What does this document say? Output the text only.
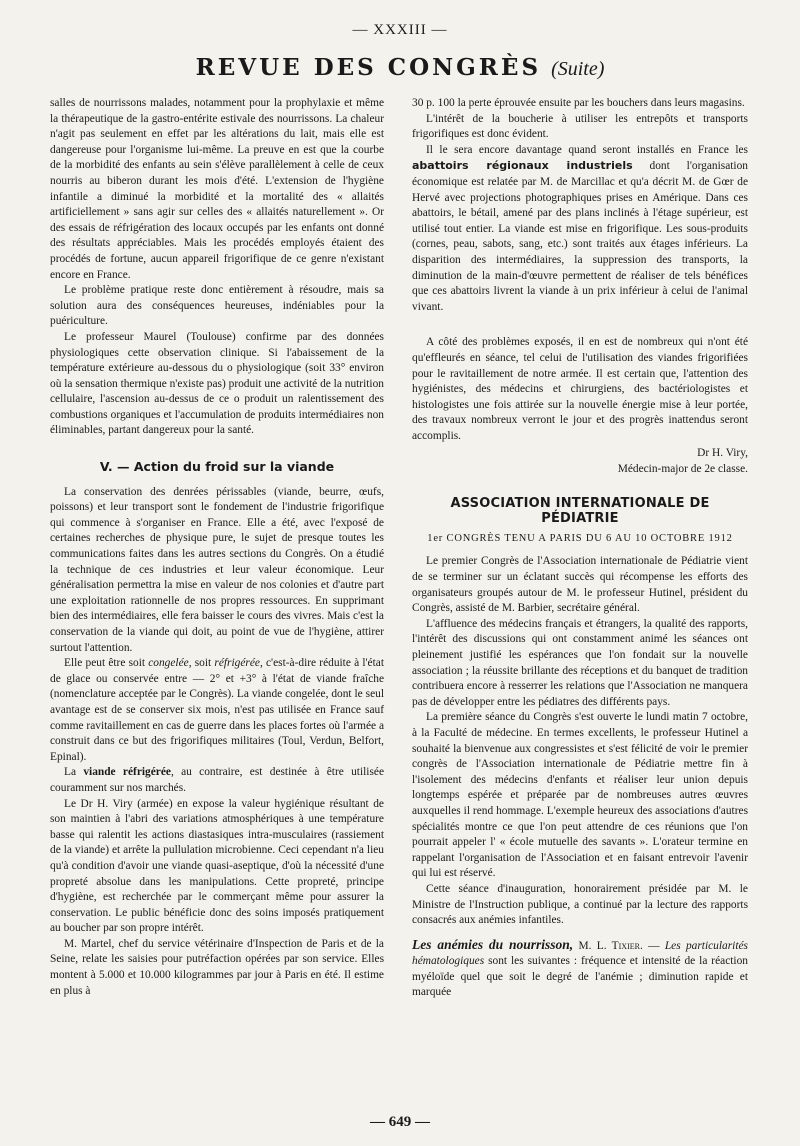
— XXXIII —
REVUE DES CONGRÈS (Suite)

salles de nourrissons malades, notamment pour la prophylaxie et même la thérapeutique de la gastro-entérite estivale des nourrissons. La chaleur n'agit pas seulement en effet par les altérations du lait, mais elle est dangereuse pour l'organisme lui-même. La preuve en est que la courbe de la morbidité des enfants au sein s'élève parallèlement à celle de ceux nourris au biberon durant les mois d'été. L'extension de l'hygiène infantile a diminué la morbidité et la mortalité des « allaités artificiellement » sans agir sur celles des « allaités naturellement ». Or des essais de réfrigération des locaux occupés par les enfants ont donné des résultats appréciables. Mais les procédés employés étaient des procédés de fortune, aucun appareil frigorifique de ce genre n'existant encore en France.

Le problème pratique reste donc entièrement à résoudre, mais sa solution aura des conséquences heureuses, indéniables pour la puériculture.

Le professeur Maurel (Toulouse) confirme par des données physiologiques cette observation clinique. Si l'abaissement de la température extérieure au-dessous du o physiologique (soit 33° environ où la sensation thermique n'existe pas) produit une activité de la nutrition cellulaire, l'ascension au-dessus de ce o produit un ralentissement des combustions organiques et l'accumulation de produits intermédiaires non éliminables, partant dangereux pour la santé.

V. — Action du froid sur la viande

La conservation des denrées périssables (viande, beurre, œufs, poissons) et leur transport sont le fondement de l'industrie frigorifique qui commence à s'organiser en France. Elle a été, avec l'exposé de certaines recherches de physique pure, le sujet de presque toutes les communications faites dans les autres sections du Congrès. On a étudié la technique de ces industries et leur valeur économique. Leur généralisation permettra la mise en valeur de nos colonies et d'autre part une exploitation rationnelle de nos propres ressources. En supprimant bien des intermédiaires, elle fera baisser le cours des vivres. Mais c'est la conservation de la viande qui doit, au point de vue de l'hygiène, attirer surtout l'attention.

Elle peut être soit congelée, soit réfrigérée, c'est-à-dire réduite à l'état de glace ou conservée entre — 2° et +3° à l'état de viande fraîche (nomenclature acceptée par le Congrès). La viande congelée, dont le seul avantage est de se conserver six mois, n'est pas utilisée en France sauf comme ravitaillement en cas de guerre dans les places fortes où l'armée a construit dans ce but des frigorifiques militaires (Toul, Verdun, Belfort, Epinal).

La viande réfrigérée, au contraire, est destinée à être utilisée couramment sur nos marchés.

Le Dr H. Viry (armée) en expose la valeur hygiénique résultant de son maintien à l'abri des variations atmosphériques à une température basse qui ralentit les actions diastasiques intra-musculaires (rassiement de la viande) et arrête la pullulation microbienne. Ceci cependant n'a lieu qu'à condition d'avoir une viande quasi-aseptique, d'où la nécessité d'une propreté absolue dans les manipulations. Cette propreté, principe d'hygiène, est recherchée par le commerçant même pour assurer la conservation. Le public bénéficie donc des soins imposés pratiquement au boucher par son propre intérêt.

M. Martel, chef du service vétérinaire d'Inspection de Paris et de la Seine, relate les saisies pour putréfaction opérées par son service. Elles montent à 5.000 et 10.000 kilogrammes par jour à Paris en été. Il estime en plus à

30 p. 100 la perte éprouvée ensuite par les bouchers dans leurs magasins.

L'intérêt de la boucherie à utiliser les entrepôts et transports frigorifiques est donc évident.

Il le sera encore davantage quand seront installés en France les abattoirs régionaux industriels dont l'organisation économique est relatée par M. de Marcillac et qu'a décrit M. de Gœr de Hervé avec projections photographiques prises en Amérique. Dans ces abattoirs, le bétail, amené par des plans inclinés à l'étage supérieur, est utilisé tout entier. La viande est mise en frigorifique. Les sous-produits (cornes, peau, sabots, sang, etc.) sont traités aux étages inférieurs. La disparition des intermédiaires, la suppression des transports, la diminution de la main-d'œuvre permettent de réaliser de tels bénéfices que ces abattoirs livrent la viande à un prix inférieur à celui de l'animal vivant.

A côté des problèmes exposés, il en est de nombreux qui n'ont été qu'effleurés en séance, tel celui de l'utilisation des viandes frigorifiées pour le ravitaillement de notre armée. Il est certain que, l'attention des hygiénistes, des médecins et chirurgiens, des bactériologistes et histologistes une fois attirée sur la nouvelle énergie mise à leur portée, des travaux nombreux verront le jour et des progrès inattendus seront accomplis.

Dr H. Viry,
Médecin-major de 2e classe.
ASSOCIATION INTERNATIONALE DE PÉDIATRIE
1er CONGRÈS TENU A PARIS DU 6 AU 10 OCTOBRE 1912

Le premier Congrès de l'Association internationale de Pédiatrie vient de se terminer sur un éclatant succès qui récompense les efforts des organisateurs groupés autour de M. le professeur Hutinel, président du Congrès, assisté de M. Barbier, secrétaire général.

L'affluence des médecins français et étrangers, la qualité des rapports, l'intérêt des discussions qui ont constamment animé les séances ont pleinement justifié les espérances que l'on fondait sur la nouvelle association ; la réussite brillante des réceptions et du banquet de tradition contribuera encore à resserrer les relations que l'Association ne manquera pas de développer entre les pédiatres des différents pays.

La première séance du Congrès s'est ouverte le lundi matin 7 octobre, à la Faculté de médecine. En termes excellents, le professeur Hutinel a souhaité la bienvenue aux congressistes et s'est félicité de voir le premier congrès de l'Association internationale de Pédiatrie mettre fin à l'isolement des médecins d'enfants et réaliser leur union depuis longtemps espérée et préparée par de nombreuses autres œuvres auxquelles il rend hommage. L'exemple heureux des associations d'autres spécialités montre ce que l'on peut attendre de ces réunions que l'on pourrait appeler l' « école mutuelle des savants ». L'orateur termine en rappelant l'organisation de l'Association et en faisant entrevoir l'avenir qui lui est réservé.

Cette séance d'inauguration, honorairement présidée par M. le Ministre de l'Instruction publique, a continué par la lecture des rapports consacrés aux anémies infantiles.

Les anémies du nourrisson, M. L. Tixier. — Les particularités hématologiques sont les suivantes : fréquence et intensité de la réaction myéloïde quel que soit le degré de l'anémie ; diminution rapide et marquée

— 649 —
